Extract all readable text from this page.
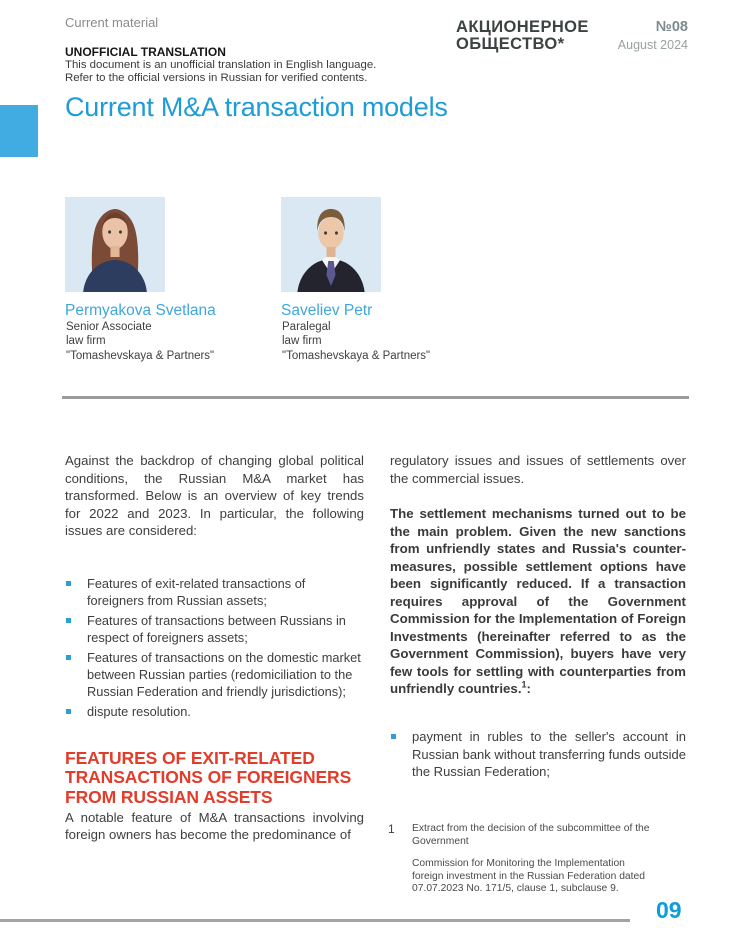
Current material	АКЦИОНЕРНОЕ
ОБЩЕСТВО*
№08
August 2024
UNOFFICIAL TRANSLATION
This document is an unofficial translation in English language.
Refer to the official versions in Russian for verified contents.
Current M&A transaction models
Permyakova Svetlana
Senior Associate
law firm
"Tomashevskaya & Partners"
Saveliev Petr
Paralegal
law firm
"Tomashevskaya & Partners"
Against the backdrop of changing global political conditions, the Russian M&A market has transformed. Below is an overview of key trends for 2022 and 2023. In particular, the following issues are considered:
Features of exit-related transactions of foreigners from Russian assets;
Features of transactions between Russians in respect of foreigners assets;
Features of transactions on the domestic market between Russian parties (redomiciliation to the Russian Federation and friendly jurisdictions);
dispute resolution.
FEATURES OF EXIT-RELATED
TRANSACTIONS OF FOREIGNERS
FROM RUSSIAN ASSETS
A notable feature of M&A transactions involving foreign owners has become the predominance of
regulatory issues and issues of settlements over the commercial issues.
The settlement mechanisms turned out to be the main problem. Given the new sanctions from unfriendly states and Russia's counter-measures, possible settlement options have been significantly reduced. If a transaction requires approval of the Government Commission for the Implementation of Foreign Investments (hereinafter referred to as the Government Commission), buyers have very few tools for settling with counterparties from unfriendly countries.$^1$:
payment in rubles to the seller's account in Russian bank without transferring funds outside the Russian Federation;
1 Extract from the decision of the subcommittee of the Government
Commission for Monitoring the Implementation
foreign investment in the Russian Federation dated
07.07.2023 No. 171/5, clause 1, subclause 9.
09
